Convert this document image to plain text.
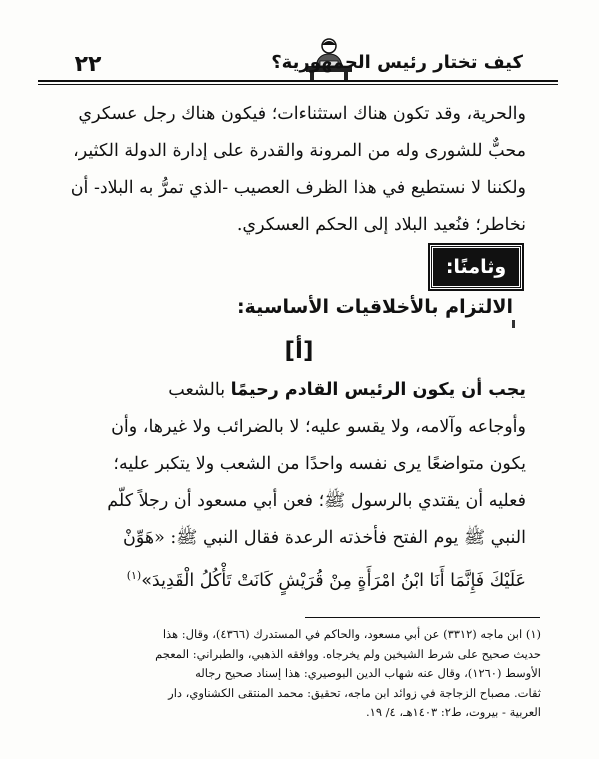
٢٢	كيف تختار رئيس الجمهورية؟

والحرية، وقد تكون هناك استثناءات؛ فيكون هناك رجل عسكري

محبٌّ للشورى وله من المرونة والقدرة على إدارة الدولة الكثير،

ولكننا لا نستطيع في هذا الظرف العصيب -الذي تمرُّ به البلاد- أن

نخاطر؛ فنُعيد البلاد إلى الحكم العسكري.

وثامنًا:
الالتزام بالأخلاقيات الأساسية:
[أ]

يجب أن يكون الرئيس القادم رحيمًا بالشعب

وأوجاعه وآلامه، ولا يقسو عليه؛ لا بالضرائب ولا غيرها، وأن

يكون متواضعًا يرى نفسه واحدًا من الشعب ولا يتكبر عليه؛

فعليه أن يقتدي بالرسول ﷺ؛ فعن أبي مسعود أن رجلاً كلّم

النبي ﷺ يوم الفتح فأخذته الرعدة فقال النبي ﷺ: «هَوِّنْ

عَلَيْكَ فَإِنَّمَا أَنَا ابْنُ امْرَأَةٍ مِنْ قُرَيْشٍ كَانَتْ تَأْكُلُ الْقَدِيدَ»$^{(١)}$

(١) ابن ماجه (٣٣١٢) عن أبي مسعود، والحاكم في المستدرك (٤٣٦٦)، وقال: هذا

حديث صحيح على شرط الشيخين ولم يخرجاه. ووافقه الذهبي، والطبراني: المعجم

الأوسط (١٢٦٠)، وقال عنه شهاب الدين البوصيري: هذا إسناد صحيح رجاله

ثقات. مصباح الزجاجة في زوائد ابن ماجه، تحقيق: محمد المنتقى الكشناوي، دار

العربية - بيروت، ط٢: ١٤٠٣هـ، ٤/ ١٩.
